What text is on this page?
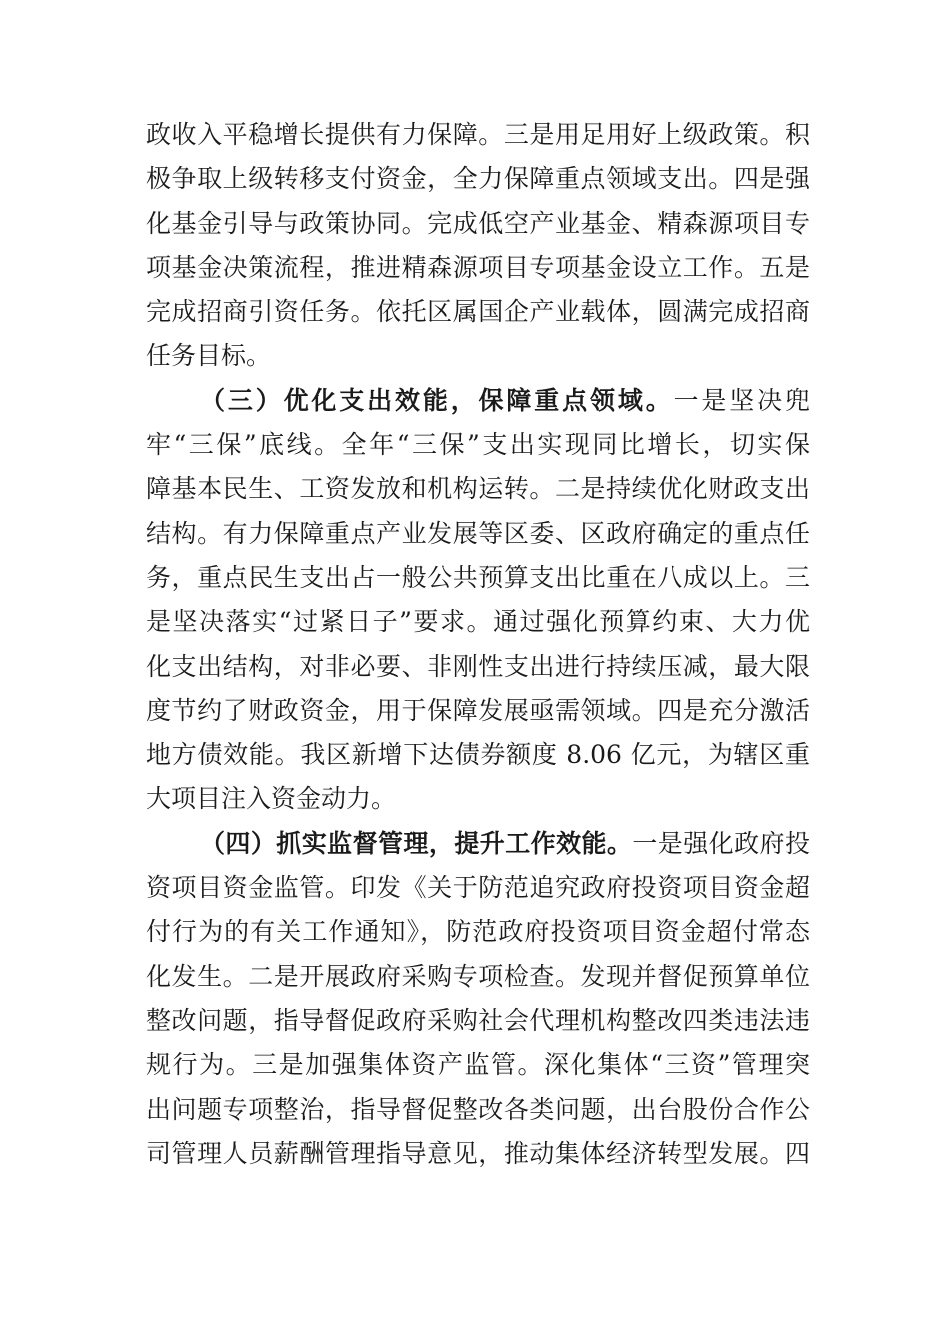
政收入平稳增长提供有力保障。三是用足用好上级政策。积
极争取上级转移支付资金，全力保障重点领域支出。四是强
化基金引导与政策协同。完成低空产业基金、精森源项目专
项基金决策流程，推进精森源项目专项基金设立工作。五是
完成招商引资任务。依托区属国企产业载体，圆满完成招商
任务目标。
（三）优化支出效能，保障重点领域。一是坚决兜
牢“三保”底线。全年“三保”支出实现同比增长，切实保
障基本民生、工资发放和机构运转。二是持续优化财政支出
结构。有力保障重点产业发展等区委、区政府确定的重点任
务，重点民生支出占一般公共预算支出比重在八成以上。三
是坚决落实“过紧日子”要求。通过强化预算约束、大力优
化支出结构，对非必要、非刚性支出进行持续压减，最大限
度节约了财政资金，用于保障发展亟需领域。四是充分激活
地方债效能。我区新增下达债券额度 8.06 亿元，为辖区重
大项目注入资金动力。
（四）抓实监督管理，提升工作效能。一是强化政府投
资项目资金监管。印发《关于防范追究政府投资项目资金超
付行为的有关工作通知》，防范政府投资项目资金超付常态
化发生。二是开展政府采购专项检查。发现并督促预算单位
整改问题，指导督促政府采购社会代理机构整改四类违法违
规行为。三是加强集体资产监管。深化集体“三资”管理突
出问题专项整治，指导督促整改各类问题，出台股份合作公
司管理人员薪酬管理指导意见，推动集体经济转型发展。四
